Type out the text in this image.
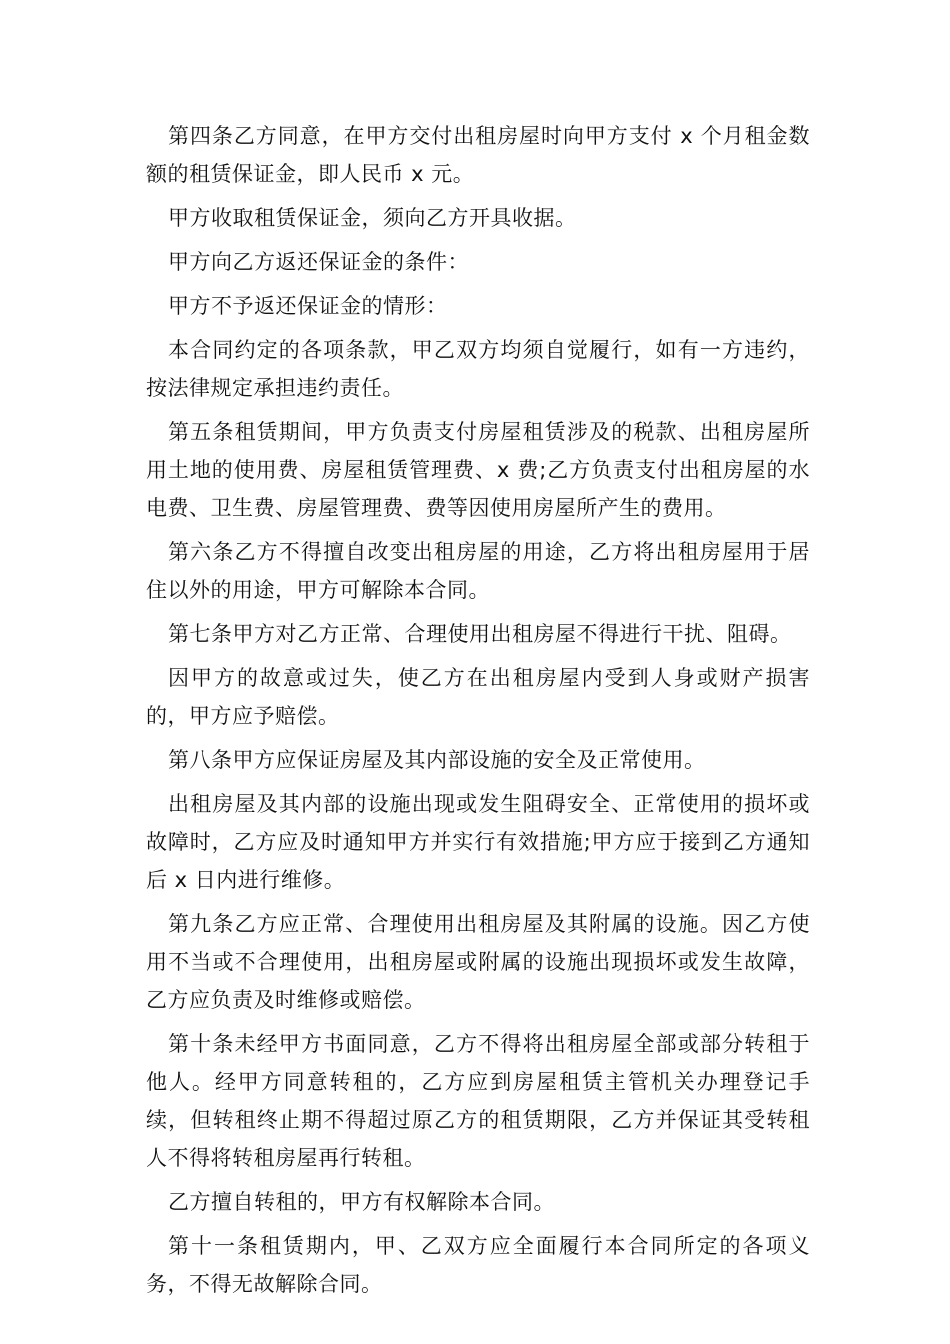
第四条乙方同意，在甲方交付出租房屋时向甲方支付 x 个月租金数额的租赁保证金，即人民币 x 元。

甲方收取租赁保证金，须向乙方开具收据。

甲方向乙方返还保证金的条件：

甲方不予返还保证金的情形：

本合同约定的各项条款，甲乙双方均须自觉履行，如有一方违约，按法律规定承担违约责任。

第五条租赁期间，甲方负责支付房屋租赁涉及的税款、出租房屋所用土地的使用费、房屋租赁管理费、x 费;乙方负责支付出租房屋的水电费、卫生费、房屋管理费、费等因使用房屋所产生的费用。

第六条乙方不得擅自改变出租房屋的用途，乙方将出租房屋用于居住以外的用途，甲方可解除本合同。

第七条甲方对乙方正常、合理使用出租房屋不得进行干扰、阻碍。

因甲方的故意或过失，使乙方在出租房屋内受到人身或财产损害的，甲方应予赔偿。

第八条甲方应保证房屋及其内部设施的安全及正常使用。

出租房屋及其内部的设施出现或发生阻碍安全、正常使用的损坏或故障时，乙方应及时通知甲方并实行有效措施;甲方应于接到乙方通知后 x 日内进行维修。

第九条乙方应正常、合理使用出租房屋及其附属的设施。因乙方使用不当或不合理使用，出租房屋或附属的设施出现损坏或发生故障，乙方应负责及时维修或赔偿。

第十条未经甲方书面同意，乙方不得将出租房屋全部或部分转租于他人。经甲方同意转租的，乙方应到房屋租赁主管机关办理登记手续，但转租终止期不得超过原乙方的租赁期限，乙方并保证其受转租人不得将转租房屋再行转租。

乙方擅自转租的，甲方有权解除本合同。

第十一条租赁期内，甲、乙双方应全面履行本合同所定的各项义务，不得无故解除合同。
